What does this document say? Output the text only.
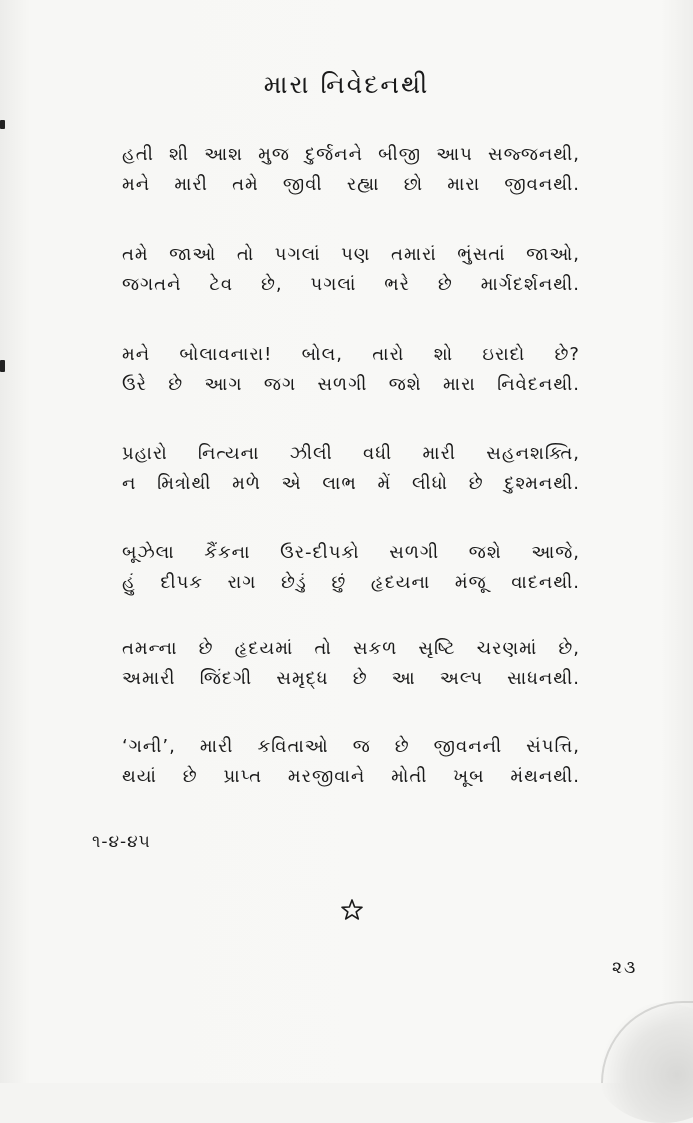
મારા નિવેદનથી
હતી શી આશ મુજ દુર્જનને બીજી આપ સજ્જનથી,
મને મારી તમે જીવી રહ્યા છો મારા જીવનથી.
તમે જાઓ તો પગલાં પણ તમારાં ભુંસતાં જાઓ,
જગતને ટેવ છે, પગલાં ભરે છે માર્ગદર્શનથી.
મને બોલાવનારા! બોલ, તારો શો ઇરાદો છે?
ઉરે છે આગ જગ સળગી જશે મારા નિવેદનથી.
પ્રહારો નિત્યના ઝીલી વધી મારી સહનશક્તિ,
ન મિત્રોથી મળે એ લાભ મેં લીધો છે દુશ્મનથી.
બૂઝેલા કૈંકના ઉર-દીપકો સળગી જશે આજે,
હું દીપક રાગ છેડું છું હૃદયના મંજૂ વાદનથી.
તમન્ના છે હૃદયમાં તો સકળ સૃષ્ટિ ચરણમાં છે,
અમારી જિંદગી સમૃદ્ધ છે આ અલ્પ સાધનથી.
‘ગની’, મારી કવિતાઓ જ છે જીવનની સંપત્તિ,
થયાં છે પ્રાપ્ત મરજીવાને મોતી ખૂબ મંથનથી.
૧-૪-૪૫
૨૩
